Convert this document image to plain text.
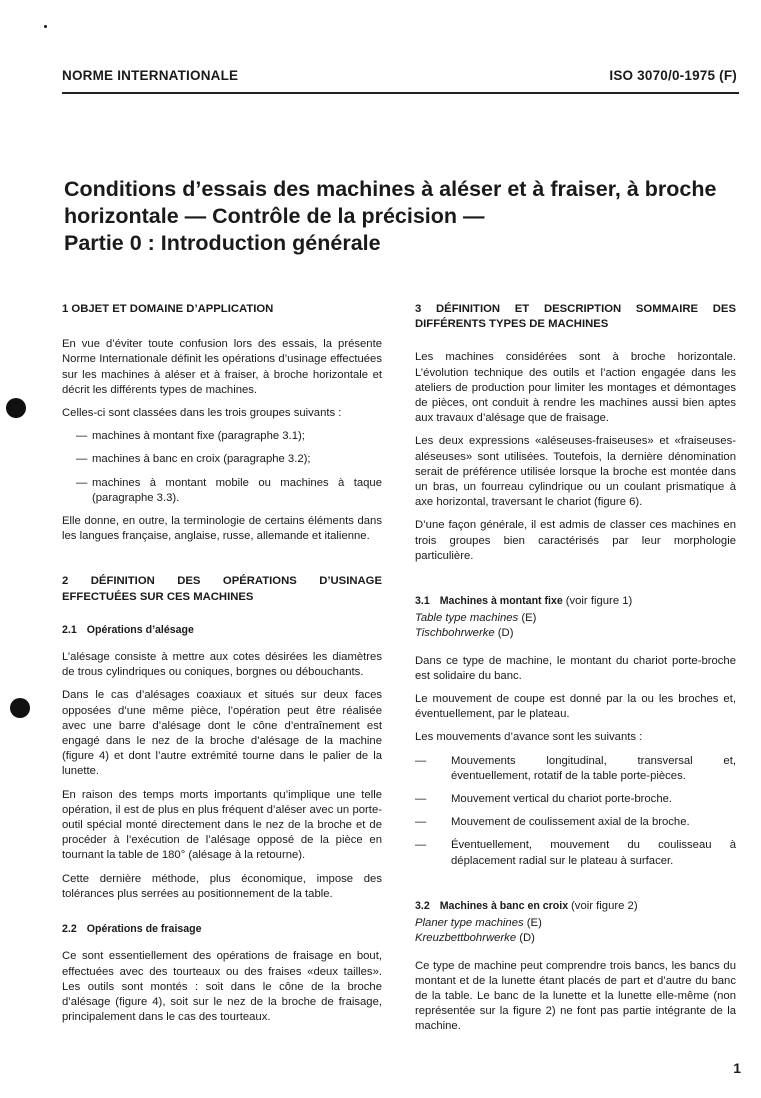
NORME INTERNATIONALE	ISO 3070/0-1975 (F)
Conditions d’essais des machines à aléser et à fraiser, à broche
horizontale — Contrôle de la précision —
Partie 0 : Introduction générale
1 OBJET ET DOMAINE D’APPLICATION

En vue d’éviter toute confusion lors des essais, la présente Norme Internationale définit les opérations d’usinage effectuées sur les machines à aléser et à fraiser, à broche horizontale et décrit les différents types de machines.

Celles-ci sont classées dans les trois groupes suivants :

— machines à montant fixe (paragraphe 3.1);
— machines à banc en croix (paragraphe 3.2);
— machines à montant mobile ou machines à taque (paragraphe 3.3).

Elle donne, en outre, la terminologie de certains éléments dans les langues française, anglaise, russe, allemande et italienne.

2 DÉFINITION DES OPÉRATIONS D’USINAGE EFFECTUÉES SUR CES MACHINES
2.1 Opérations d’alésage

L’alésage consiste à mettre aux cotes désirées les diamètres de trous cylindriques ou coniques, borgnes ou débouchants.

Dans le cas d’alésages coaxiaux et situés sur deux faces opposées d’une même pièce, l’opération peut être réalisée avec une barre d’alésage dont le cône d’entraînement est engagé dans le nez de la broche d’alésage de la machine (figure 4) et dont l’autre extrémité tourne dans le palier de la lunette.

En raison des temps morts importants qu’implique une telle opération, il est de plus en plus fréquent d’aléser avec un porte-outil spécial monté directement dans le nez de la broche et de procéder à l’exécution de l’alésage opposé de la pièce en tournant la table de 180° (alésage à la retourne).

Cette dernière méthode, plus économique, impose des tolérances plus serrées au positionnement de la table.

2.2 Opérations de fraisage

Ce sont essentiellement des opérations de fraisage en bout, effectuées avec des tourteaux ou des fraises «deux tailles». Les outils sont montés : soit dans le cône de la broche d’alésage (figure 4), soit sur le nez de la broche de fraisage, principalement dans le cas des tourteaux.

3 DÉFINITION ET DESCRIPTION SOMMAIRE DES DIFFÉRENTS TYPES DE MACHINES

Les machines considérées sont à broche horizontale. L’évolution technique des outils et l’action engagée dans les ateliers de production pour limiter les montages et démontages de pièces, ont conduit à rendre les machines aussi bien aptes aux travaux d’alésage que de fraisage.

Les deux expressions «aléseuses-fraiseuses» et «fraiseuses-aléseuses» sont utilisées. Toutefois, la dernière dénomination serait de préférence utilisée lorsque la broche est montée dans un bras, un fourreau cylindrique ou un coulant prismatique à axe horizontal, traversant le chariot (figure 6).

D’une façon générale, il est admis de classer ces machines en trois groupes bien caractérisés par leur morphologie particulière.

3.1 Machines à montant fixe (voir figure 1)
Table type machines (E)
Tischbohrwerke (D)

Dans ce type de machine, le montant du chariot porte-broche est solidaire du banc.

Le mouvement de coupe est donné par la ou les broches et, éventuellement, par le plateau.

Les mouvements d’avance sont les suivants :

—	Mouvements longitudinal, transversal et, éventuellement, rotatif de la table porte-pièces.
—	Mouvement vertical du chariot porte-broche.
—	Mouvement de coulissement axial de la broche.
—	Éventuellement, mouvement du coulisseau à déplacement radial sur le plateau à surfacer.
3.2 Machines à banc en croix (voir figure 2)
Planer type machines (E)
Kreuzbettbohrwerke (D)

Ce type de machine peut comprendre trois bancs, les bancs du montant et de la lunette étant placés de part et d’autre du banc de la table. Le banc de la lunette et la lunette elle-même (non représentée sur la figure 2) ne font pas partie intégrante de la machine.

1
